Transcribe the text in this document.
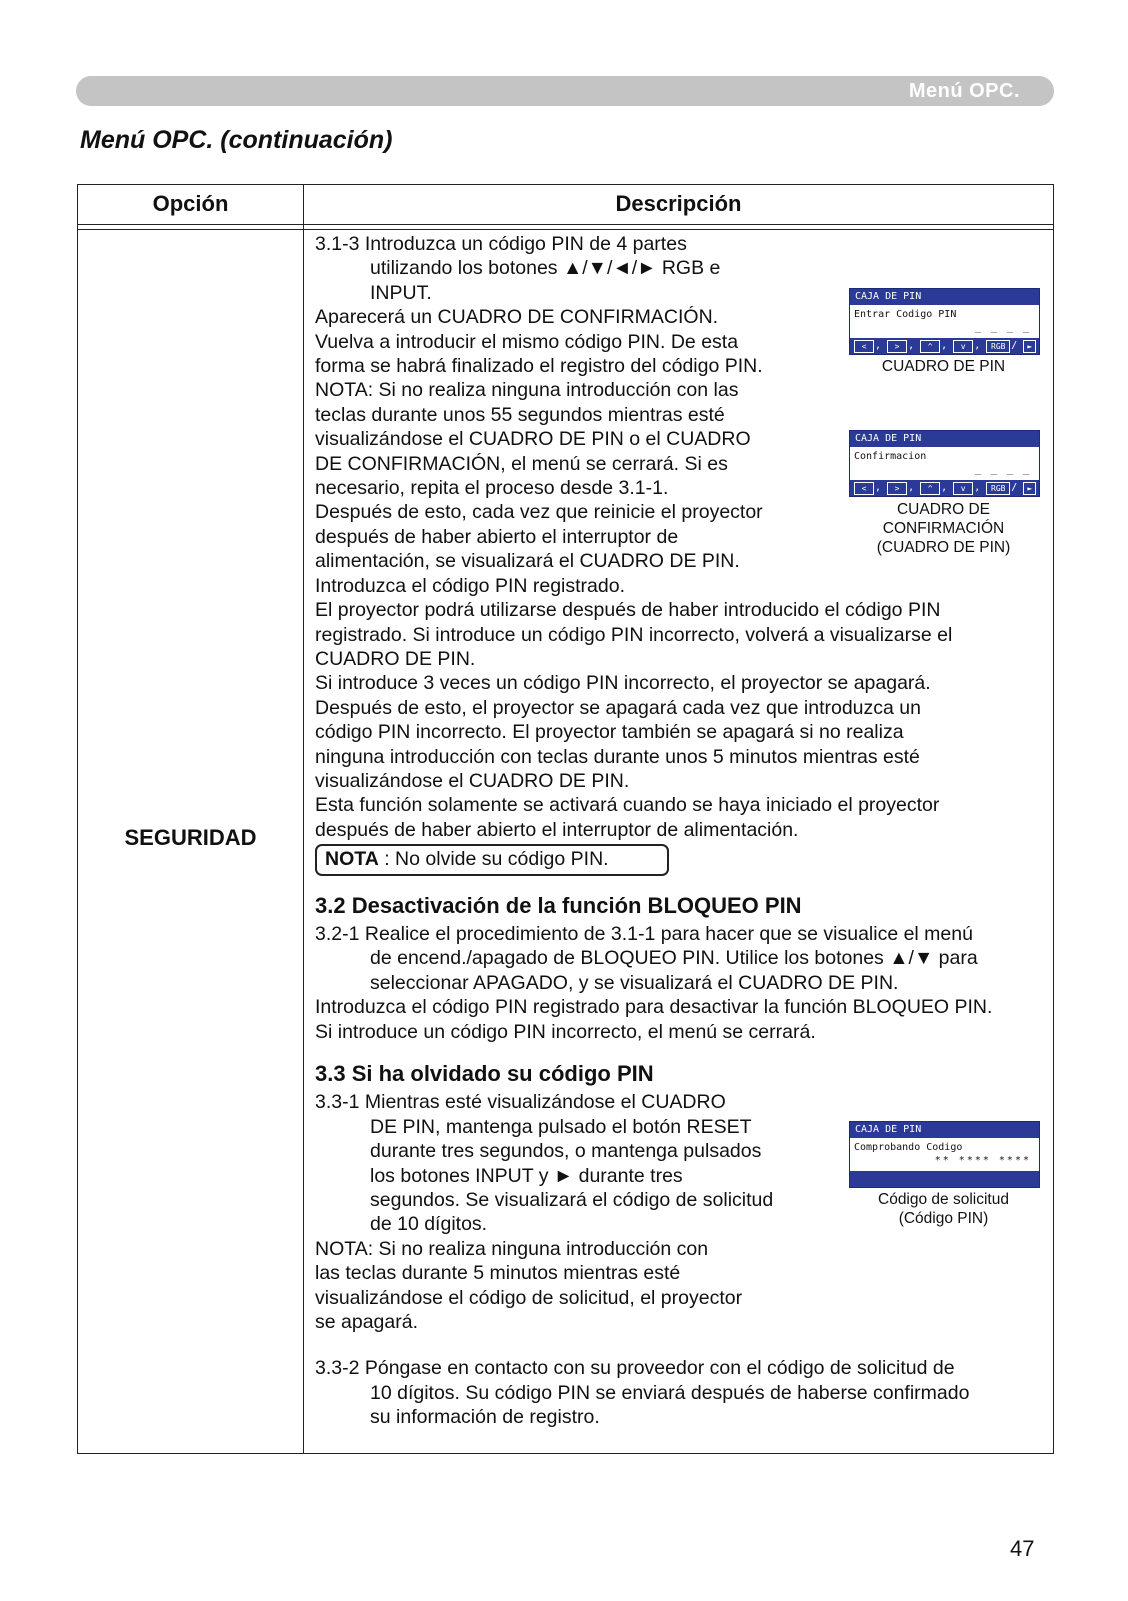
Menú OPC.
Menú OPC. (continuación)
Opción	Descripción
SEGURIDAD

3.1-3 Introduzca un código PIN de 4 partes

utilizando los botones ▲/▼/◄/► RGB e

INPUT.

Aparecerá un CUADRO DE CONFIRMACIÓN.

Vuelva a introducir el mismo código PIN. De esta

forma se habrá finalizado el registro del código PIN.

NOTA: Si no realiza ninguna introducción con las

teclas durante unos 55 segundos mientras esté

visualizándose el CUADRO DE PIN o el CUADRO

DE CONFIRMACIÓN, el menú se cerrará. Si es

necesario, repita el proceso desde 3.1-1.

Después de esto, cada vez que reinicie el proyector

después de haber abierto el interruptor de

alimentación, se visualizará el CUADRO DE PIN.

Introduzca el código PIN registrado.

El proyector podrá utilizarse después de haber introducido el código PIN

registrado. Si introduce un código PIN incorrecto, volverá a visualizarse el

CUADRO DE PIN.

Si introduce 3 veces un código PIN incorrecto, el proyector se apagará.

Después de esto, el proyector se apagará cada vez que introduzca un

código PIN incorrecto. El proyector también se apagará si no realiza

ninguna introducción con teclas durante unos 5 minutos mientras esté

visualizándose el CUADRO DE PIN.

Esta función solamente se activará cuando se haya iniciado el proyector

después de haber abierto el interruptor de alimentación.

NOTA : No olvide su código PIN.
3.2 Desactivación de la función BLOQUEO PIN

3.2-1 Realice el procedimiento de 3.1-1 para hacer que se visualice el menú

de encend./apagado de BLOQUEO PIN. Utilice los botones ▲/▼ para

seleccionar APAGADO, y se visualizará el CUADRO DE PIN.

Introduzca el código PIN registrado para desactivar la función BLOQUEO PIN.

Si introduce un código PIN incorrecto, el menú se cerrará.

3.3 Si ha olvidado su código PIN

3.3-1 Mientras esté visualizándose el CUADRO

DE PIN, mantenga pulsado el botón RESET

durante tres segundos, o mantenga pulsados

los botones INPUT y ► durante tres

segundos. Se visualizará el código de solicitud

de 10 dígitos.

NOTA: Si no realiza ninguna introducción con

las teclas durante 5 minutos mientras esté

visualizándose el código de solicitud, el proyector

se apagará.

3.3-2 Póngase en contacto con su proveedor con el código de solicitud de

10 dígitos. Su código PIN se enviará después de haberse confirmado

su información de registro.

CAJA DE PIN
Entrar Codigo PIN
_ _ _ _
< , > , ^ , v , RGB / ►
CUADRO DE PIN
CAJA DE PIN
Confirmacion
_ _ _ _
< , > , ^ , v , RGB / ►
CUADRO DE
CONFIRMACIÓN
(CUADRO DE PIN)
CAJA DE PIN
Comprobando Codigo
** **** ****
Código de solicitud
(Código PIN)
47
